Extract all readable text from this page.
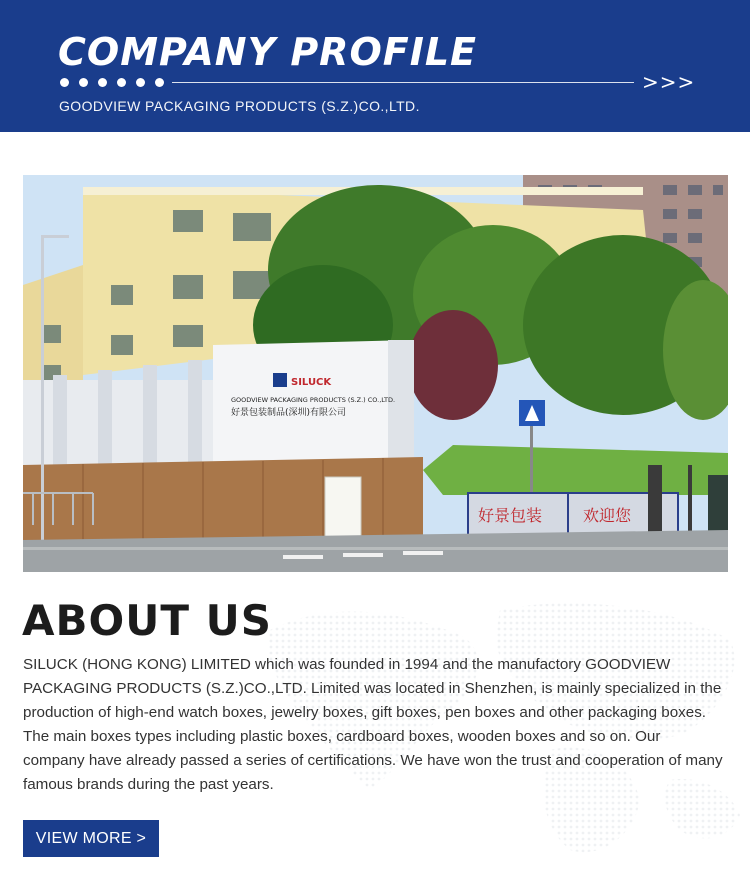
COMPANY PROFILE
>>>
GOODVIEW PACKAGING PRODUCTS (S.Z.)CO.,LTD.
SILUCK
GOODVIEW PACKAGING PRODUCTS (S.Z.) CO.,LTD.
好景包装制品(深圳)有限公司
好景包装	欢迎您
ABOUT US

SILUCK (HONG KONG) LIMITED which was founded in 1994 and the manufactory GOODVIEW PACKAGING PRODUCTS (S.Z.)CO.,LTD. Limited was located in Shenzhen, is mainly specialized in the production of high-end watch boxes, jewelry boxes, gift boxes, pen boxes and other packaging boxes. The main boxes types including plastic boxes, cardboard boxes, wooden boxes and so on. Our company have already passed a series of certifications. We have won the trust and cooperation of many famous brands during the past years.

VIEW MORE >
